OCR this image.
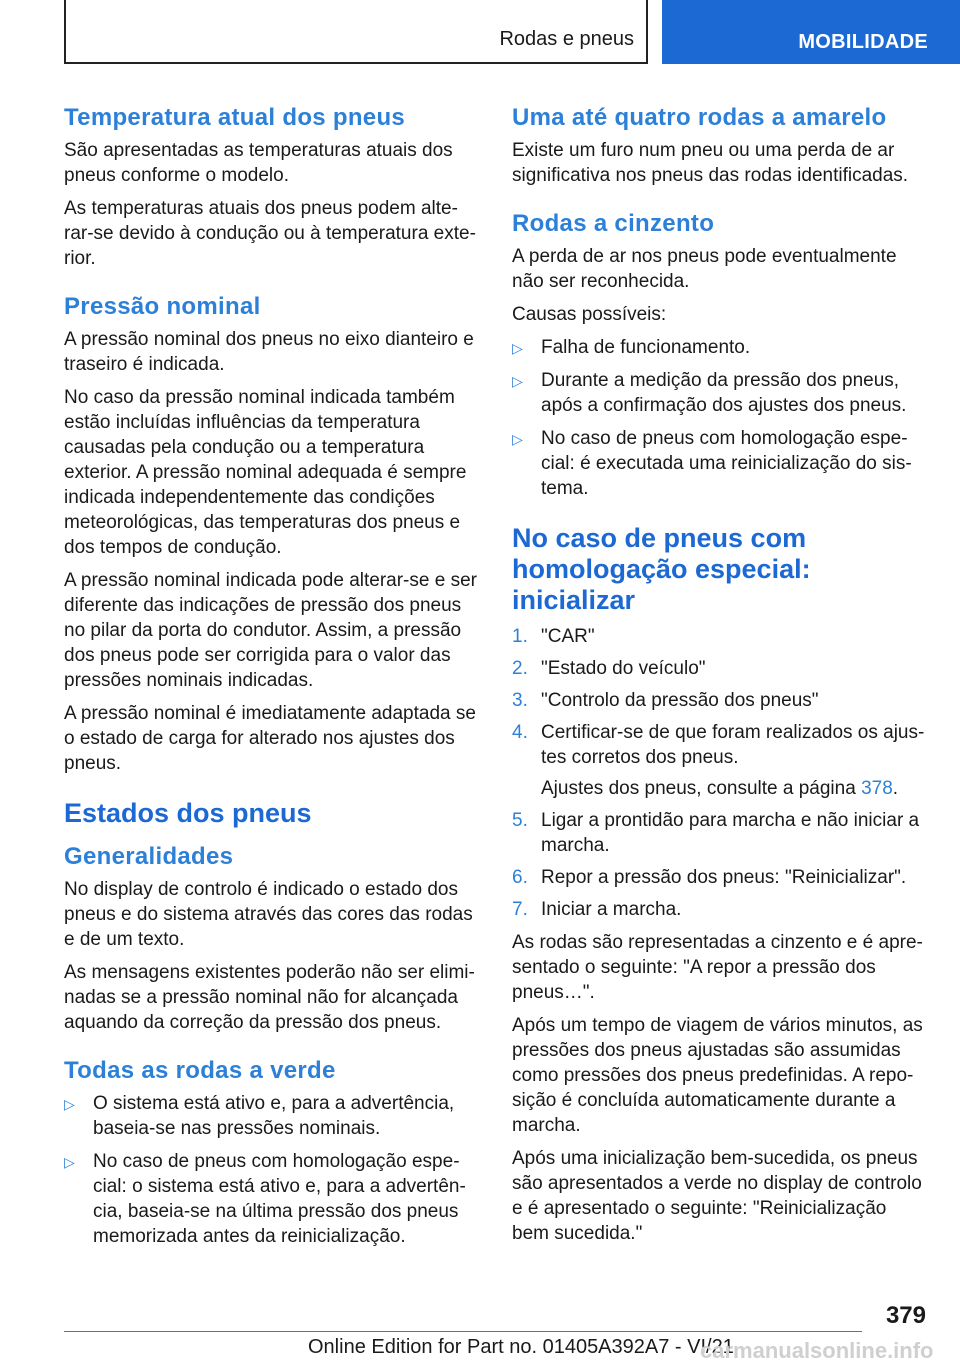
Rodas e pneus	MOBILIDADE
Temperatura atual dos pneus

São apresentadas as temperaturas atuais dos pneus conforme o modelo.

As temperaturas atuais dos pneus podem alterar-se devido à condução ou à temperatura exterior.

Pressão nominal

A pressão nominal dos pneus no eixo dianteiro e traseiro é indicada.

No caso da pressão nominal indicada também estão incluídas influências da temperatura causadas pela condução ou a temperatura exterior. A pressão nominal adequada é sempre indicada independentemente das condições meteorológicas, das temperaturas dos pneus e dos tempos de condução.

A pressão nominal indicada pode alterar-se e ser diferente das indicações de pressão dos pneus no pilar da porta do condutor. Assim, a pressão dos pneus pode ser corrigida para o valor das pressões nominais indicadas.

A pressão nominal é imediatamente adaptada se o estado de carga for alterado nos ajustes dos pneus.

Estados dos pneus
Generalidades

No display de controlo é indicado o estado dos pneus e do sistema através das cores das rodas e de um texto.

As mensagens existentes poderão não ser eliminadas se a pressão nominal não for alcançada aquando da correção da pressão dos pneus.

Todas as rodas a verde
▷ O sistema está ativo e, para a advertência, baseia-se nas pressões nominais.
▷ No caso de pneus com homologação especial: o sistema está ativo e, para a advertência, baseia-se na última pressão dos pneus memorizada antes da reinicialização.
Uma até quatro rodas a amarelo

Existe um furo num pneu ou uma perda de ar significativa nos pneus das rodas identificadas.

Rodas a cinzento

A perda de ar nos pneus pode eventualmente não ser reconhecida.

Causas possíveis:

▷ Falha de funcionamento.
▷ Durante a medição da pressão dos pneus, após a confirmação dos ajustes dos pneus.
▷ No caso de pneus com homologação especial: é executada uma reinicialização do sistema.
No caso de pneus com homologação especial: inicializar
1. "CAR"
2. "Estado do veículo"
3. "Controlo da pressão dos pneus"
4. Certificar-se de que foram realizados os ajustes corretos dos pneus.
Ajustes dos pneus, consulte a página 378.
5. Ligar a prontidão para marcha e não iniciar a marcha.
6. Repor a pressão dos pneus: "Reinicializar".
7. Iniciar a marcha.

As rodas são representadas a cinzento e é apresentado o seguinte: "A repor a pressão dos pneus…".

Após um tempo de viagem de vários minutos, as pressões dos pneus ajustadas são assumidas como pressões dos pneus predefinidas. A reposição é concluída automaticamente durante a marcha.

Após uma inicialização bem-sucedida, os pneus são apresentados a verde no display de controlo e é apresentado o seguinte: "Reinicialização bem sucedida."

379
Online Edition for Part no. 01405A392A7 - VI/21
carmanualsonline.info
